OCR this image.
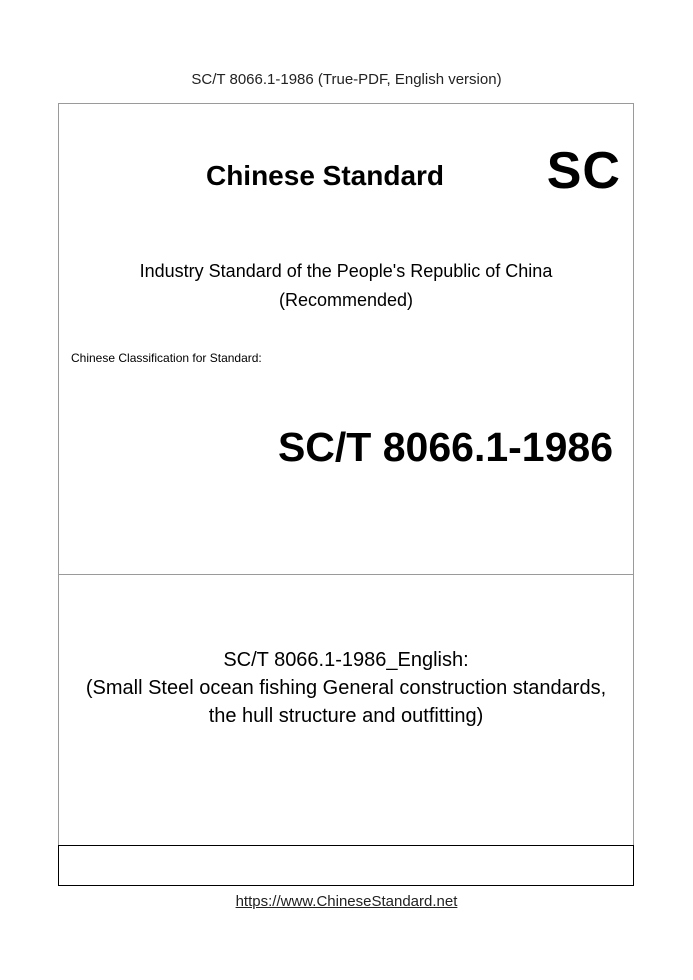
SC/T 8066.1-1986 (True-PDF, English version)
Chinese Standard	SC
Industry Standard of the People's Republic of China
(Recommended)
Chinese Classification for Standard:
SC/T 8066.1-1986
SC/T 8066.1-1986_English:
(Small Steel ocean fishing General construction standards,
the hull structure and outfitting)
https://www.ChineseStandard.net
